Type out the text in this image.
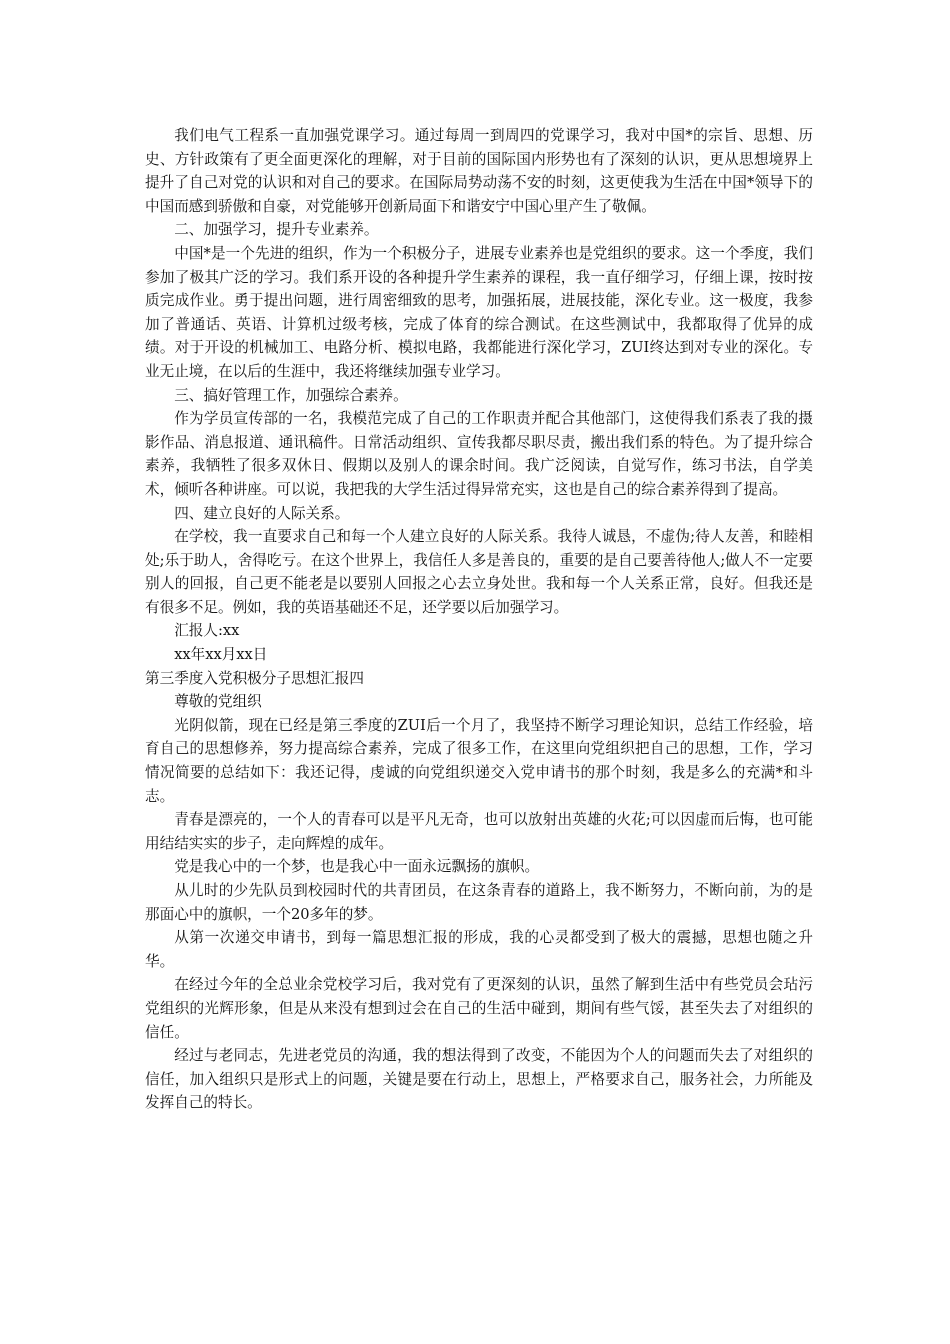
我们电气工程系一直加强党课学习。通过每周一到周四的党课学习，我对中国*的宗旨、思想、历史、方针政策有了更全面更深化的理解，对于目前的国际国内形势也有了深刻的认识，更从思想境界上提升了自己对党的认识和对自己的要求。在国际局势动荡不安的时刻，这更使我为生活在中国*领导下的中国而感到骄傲和自豪，对党能够开创新局面下和谐安宁中国心里产生了敬佩。

二、加强学习，提升专业素养。

中国*是一个先进的组织，作为一个积极分子，进展专业素养也是党组织的要求。这一个季度，我们参加了极其广泛的学习。我们系开设的各种提升学生素养的课程，我一直仔细学习，仔细上课，按时按质完成作业。勇于提出问题，进行周密细致的思考，加强拓展，进展技能，深化专业。这一极度，我参加了普通话、英语、计算机过级考核，完成了体育的综合测试。在这些测试中，我都取得了优异的成绩。对于开设的机械加工、电路分析、模拟电路，我都能进行深化学习，ZUI终达到对专业的深化。专业无止境，在以后的生涯中，我还将继续加强专业学习。

三、搞好管理工作，加强综合素养。

作为学员宣传部的一名，我模范完成了自己的工作职责并配合其他部门，这使得我们系表了我的摄影作品、消息报道、通讯稿件。日常活动组织、宣传我都尽职尽责，搬出我们系的特色。为了提升综合素养，我牺牲了很多双休日、假期以及别人的课余时间。我广泛阅读，自觉写作，练习书法，自学美术，倾听各种讲座。可以说，我把我的大学生活过得异常充实，这也是自己的综合素养得到了提高。

四、建立良好的人际关系。

在学校，我一直要求自己和每一个人建立良好的人际关系。我待人诚恳，不虚伪;待人友善，和睦相处;乐于助人，舍得吃亏。在这个世界上，我信任人多是善良的，重要的是自己要善待他人;做人不一定要别人的回报，自己更不能老是以要别人回报之心去立身处世。我和每一个人关系正常，良好。但我还是有很多不足。例如，我的英语基础还不足，还学要以后加强学习。

汇报人:xx

xx年xx月xx日

第三季度入党积极分子思想汇报四

尊敬的党组织

光阴似箭，现在已经是第三季度的ZUI后一个月了，我坚持不断学习理论知识，总结工作经验，培育自己的思想修养，努力提高综合素养，完成了很多工作，在这里向党组织把自己的思想，工作，学习情况简要的总结如下：我还记得，虔诚的向党组织递交入党申请书的那个时刻，我是多么的充满*和斗志。

青春是漂亮的，一个人的青春可以是平凡无奇，也可以放射出英雄的火花;可以因虚而后悔，也可能用结结实实的步子，走向辉煌的成年。

党是我心中的一个梦，也是我心中一面永远飘扬的旗帜。

从儿时的少先队员到校园时代的共青团员，在这条青春的道路上，我不断努力，不断向前，为的是那面心中的旗帜，一个20多年的梦。

从第一次递交申请书，到每一篇思想汇报的形成，我的心灵都受到了极大的震撼，思想也随之升华。

在经过今年的全总业余党校学习后，我对党有了更深刻的认识，虽然了解到生活中有些党员会玷污党组织的光辉形象，但是从来没有想到过会在自己的生活中碰到，期间有些气馁，甚至失去了对组织的信任。

经过与老同志，先进老党员的沟通，我的想法得到了改变，不能因为个人的问题而失去了对组织的信任，加入组织只是形式上的问题，关键是要在行动上，思想上，严格要求自己，服务社会，力所能及发挥自己的特长。
